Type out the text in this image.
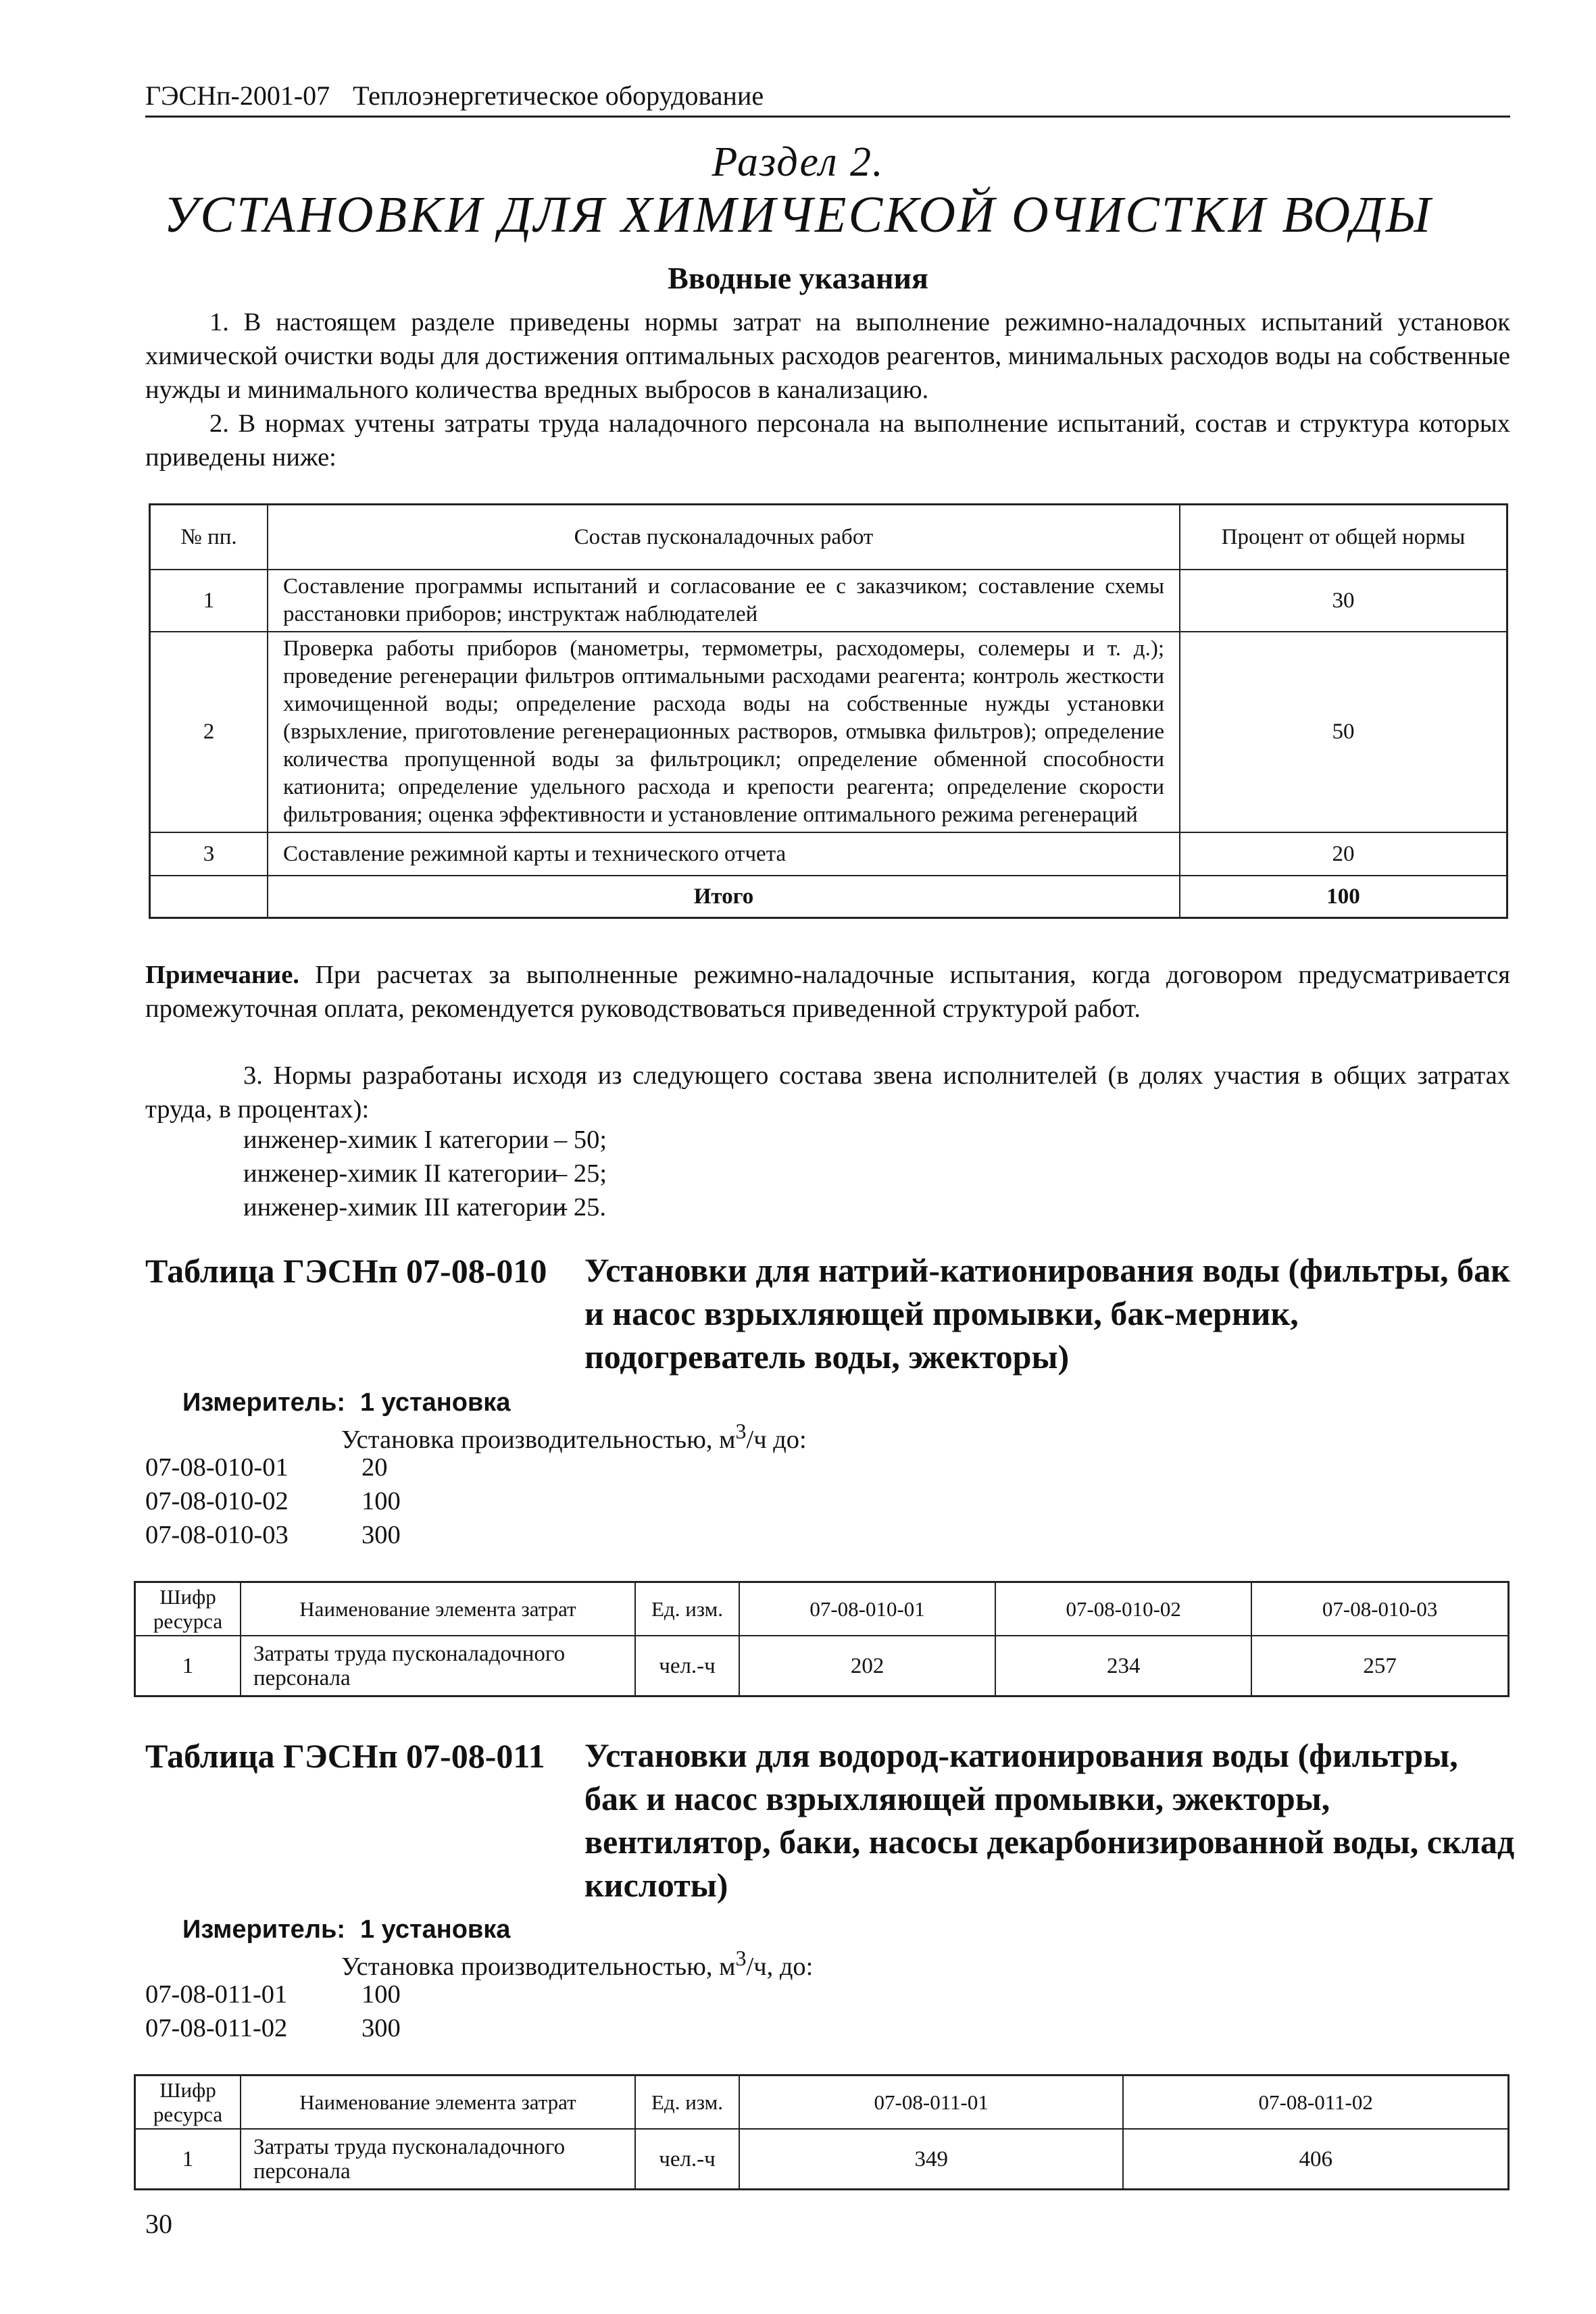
ГЭСНп-2001-07 Теплоэнергетическое оборудование
Раздел 2.
УСТАНОВКИ ДЛЯ ХИМИЧЕСКОЙ ОЧИСТКИ ВОДЫ
Вводные указания
1. В настоящем разделе приведены нормы затрат на выполнение режимно-наладочных испытаний установок химической очистки воды для достижения оптимальных расходов реагентов, минимальных расходов воды на собственные нужды и минимального количества вредных выбросов в канализацию.
2. В нормах учтены затраты труда наладочного персонала на выполнение испытаний, состав и структура которых приведены ниже:
№ пп.	Состав пусконаладочных работ	Процент от общей нормы
1	Составление программы испытаний и согласование ее с заказчиком; составление схемы расстановки приборов; инструктаж наблюдателей	30
2	Проверка работы приборов (манометры, термометры, расходомеры, солемеры и т. д.); проведение регенерации фильтров оптимальными расходами реагента; контроль жесткости химочищенной воды; определение расхода воды на собственные нужды установки (взрыхление, приготовление регенерационных растворов, отмывка фильтров); определение количества пропущенной воды за фильтроцикл; определение обменной способности катионита; определение удельного расхода и крепости реагента; определение скорости фильтрования; оценка эффективности и установление оптимального режима регенераций	50
3	Составление режимной карты и технического отчета	20
	Итого	100
Примечание. При расчетах за выполненные режимно-наладочные испытания, когда договором предусматривается промежуточная оплата, рекомендуется руководствоваться приведенной структурой работ.
3. Нормы разработаны исходя из следующего состава звена исполнителей (в долях участия в общих затратах труда, в процентах):
инженер-химик I категории – 50;
инженер-химик II категории
– 25;
инженер-химик III категории
– 25.
Таблица ГЭСНп 07-08-010 Установки для натрий-катионирования воды (фильтры, бак и насос взрыхляющей промывки, бак-мерник, подогреватель воды, эжекторы)
Измеритель: 1 установка
Установка производительностью, $м^3/ч$ до:
07-08-010-01	20
07-08-010-02	100
07-08-010-03	300
Шифр ресурса	Наименование элемента затрат	Ед. изм.	07-08-010-01	07-08-010-02	07-08-010-03
1	Затраты труда пусконаладочного персонала	чел.-ч	202	234	257
Таблица ГЭСНп 07-08-011 Установки для водород-катионирования воды (фильтры, бак и насос взрыхляющей промывки, эжекторы, вентилятор, баки, насосы декарбонизированной воды, склад кислоты)
Измеритель: 1 установка
Установка производительностью, $м^3/ч$, до:
07-08-011-01	100
07-08-011-02	300
Шифр ресурса	Наименование элемента затрат	Ед. изм.	07-08-011-01	07-08-011-02
1	Затраты труда пусконаладочного персонала	чел.-ч	349	406
30
